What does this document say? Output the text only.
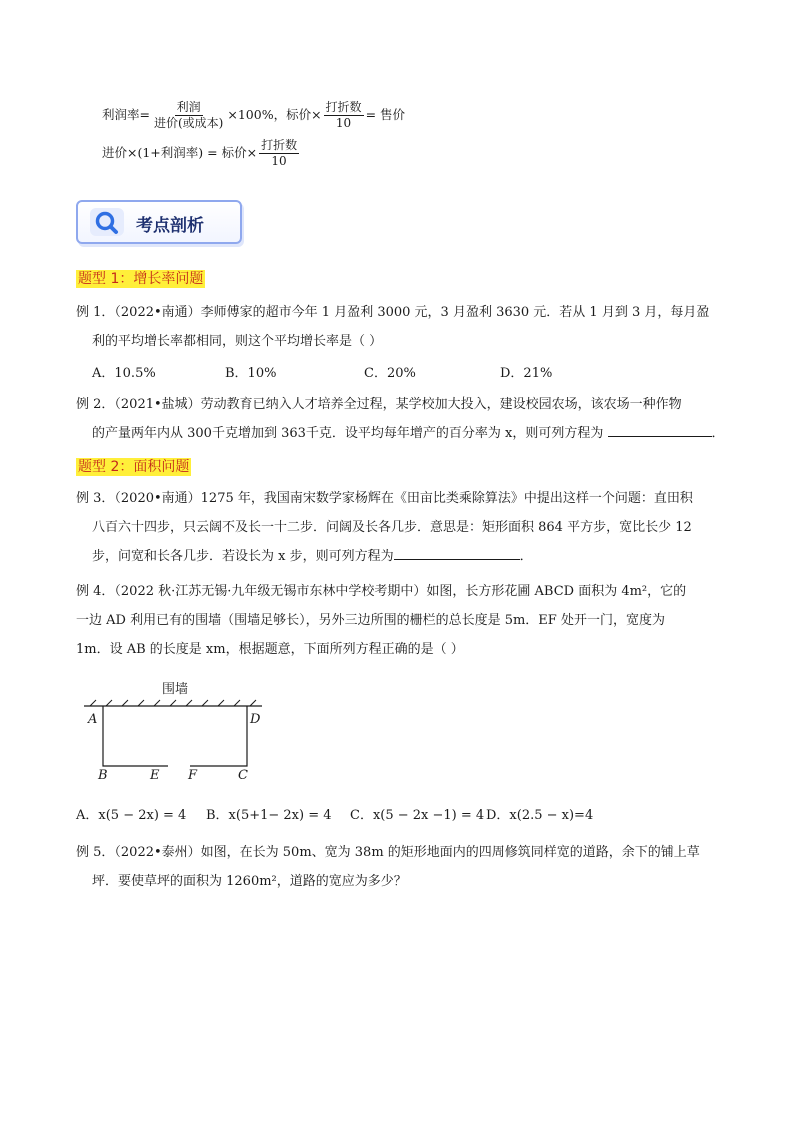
利润率= $\frac{\text{利润}}{\text{进价(或成本)}} \times 100\%$，标价× $\frac{\text{打折数}}{10}$ = 售价
进价×(1+利润率) = 标价× $\frac{\text{打折数}}{10}$
考点剖析
题型 1：增长率问题
例 1．（2022•南通）李师傅家的超市今年 1 月盈利 3000 元，3 月盈利 3630 元．若从 1 月到 3 月，每月盈
利的平均增长率都相同，则这个平均增长率是（ ）
A．10.5%	B．10%	C．20%	D．21%
例 2．（2021•盐城）劳动教育已纳入人才培养全过程，某学校加大投入，建设校园农场，该农场一种作物
的产量两年内从 300千克增加到 363千克．设平均每年增产的百分率为 x，则可列方程为	．
题型 2：面积问题
例 3．（2020•南通）1275 年，我国南宋数学家杨辉在《田亩比类乘除算法》中提出这样一个问题：直田积
八百六十四步，只云阔不及长一十二步．问阔及长各几步．意思是：矩形面积 864 平方步，宽比长少 12
步，问宽和长各几步．若设长为 x 步，则可列方程为	．
例 4．（2022 秋·江苏无锡·九年级无锡市东林中学校考期中）如图，长方形花圃 ABCD 面积为 4m²，它的
一边 AD 利用已有的围墙（围墙足够长），另外三边所围的栅栏的总长度是 5m．EF 处开一门，宽度为
1m．设 AB 的长度是 xm，根据题意，下面所列方程正确的是（ ）
围墙
A	D
B	E F	C
A．x(5 − 2x) = 4 B．x(5+1− 2x) = 4 C．x(5 − 2x −1) = 4 D．x(2.5 − x)=4
例 5．（2022•泰州）如图，在长为 50m、宽为 38m 的矩形地面内的四周修筑同样宽的道路，余下的铺上草
坪．要使草坪的面积为 1260m²，道路的宽应为多少？
